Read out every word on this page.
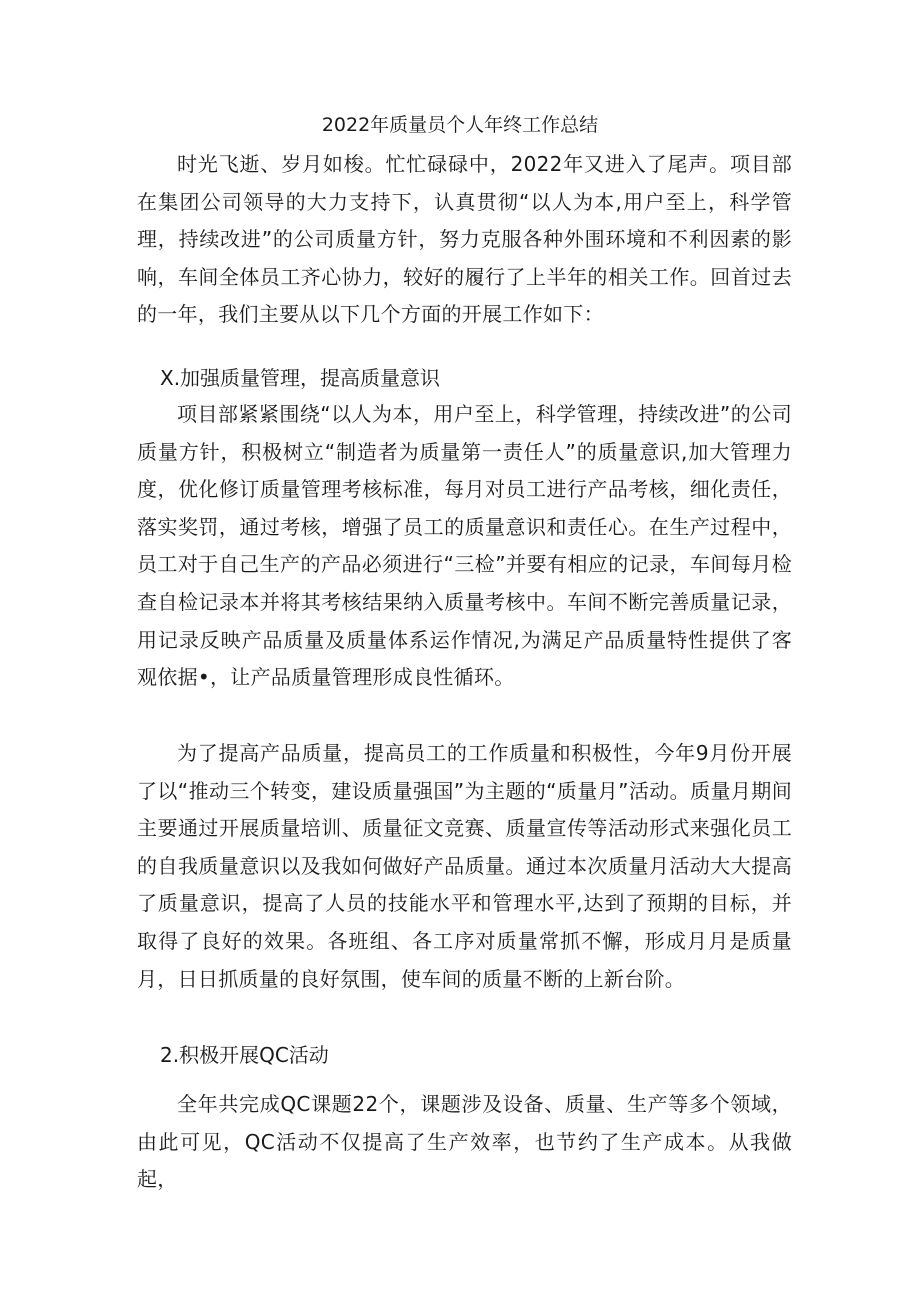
2022年质量员个人年终工作总结
时光飞逝、岁月如梭。忙忙碌碌中，2022年又进入了尾声。项目部在集团公司领导的大力支持下，认真贯彻“以人为本,用户至上，科学管理，持续改进”的公司质量方针，努力克服各种外围环境和不利因素的影响，车间全体员工齐心协力，较好的履行了上半年的相关工作。回首过去的一年，我们主要从以下几个方面的开展工作如下：
X.加强质量管理，提高质量意识
项目部紧紧围绕“以人为本，用户至上，科学管理，持续改进”的公司质量方针，积极树立“制造者为质量第一责任人”的质量意识,加大管理力度，优化修订质量管理考核标准，每月对员工进行产品考核，细化责任，落实奖罚，通过考核，增强了员工的质量意识和责任心。在生产过程中，员工对于自己生产的产品必须进行“三检”并要有相应的记录，车间每月检查自检记录本并将其考核结果纳入质量考核中。车间不断完善质量记录，用记录反映产品质量及质量体系运作情况,为满足产品质量特性提供了客观依据•，让产品质量管理形成良性循环。
为了提高产品质量，提高员工的工作质量和积极性，今年9月份开展了以“推动三个转变，建设质量强国”为主题的“质量月”活动。质量月期间主要通过开展质量培训、质量征文竞赛、质量宣传等活动形式来强化员工的自我质量意识以及我如何做好产品质量。通过本次质量月活动大大提高了质量意识，提高了人员的技能水平和管理水平,达到了预期的目标，并取得了良好的效果。各班组、各工序对质量常抓不懈，形成月月是质量月，日日抓质量的良好氛围，使车间的质量不断的上新台阶。
2.积极开展QC活动
全年共完成QC课题22个，课题涉及设备、质量、生产等多个领域，由此可见，QC活动不仅提高了生产效率，也节约了生产成本。从我做起，
